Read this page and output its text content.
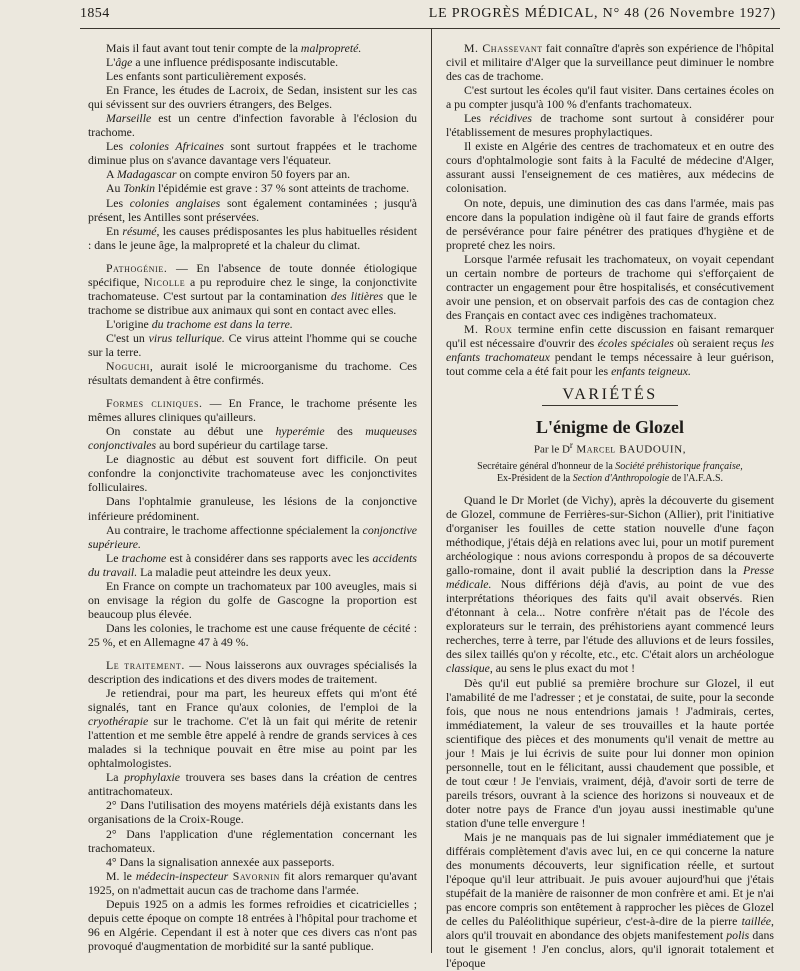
1854	LE PROGRÈS MÉDICAL, N° 48 (26 Novembre 1927)

Mais il faut avant tout tenir compte de la malpropreté.

L'âge a une influence prédisposante indiscutable.

Les enfants sont particulièrement exposés.

En France, les études de Lacroix, de Sedan, insistent sur les cas qui sévissent sur des ouvriers étrangers, des Belges.

Marseille est un centre d'infection favorable à l'éclosion du trachome.

Les colonies Africaines sont surtout frappées et le trachome diminue plus on s'avance davantage vers l'équateur.

A Madagascar on compte environ 50 foyers par an.

Au Tonkin l'épidémie est grave : 37 % sont atteints de trachome.

Les colonies anglaises sont également contaminées ; jusqu'à présent, les Antilles sont préservées.

En résumé, les causes prédisposantes les plus habituelles résident : dans le jeune âge, la malpropreté et la chaleur du climat.

Pathogénie. — En l'absence de toute donnée étiologique spécifique, Nicolle a pu reproduire chez le singe, la conjonctivite trachomateuse. C'est surtout par la contamination des litières que le trachome se distribue aux animaux qui sont en contact avec elles.

L'origine du trachome est dans la terre.

C'est un virus tellurique. Ce virus atteint l'homme qui se couche sur la terre.

Noguchi, aurait isolé le microorganisme du trachome. Ces résultats demandent à être confirmés.

Formes cliniques. — En France, le trachome présente les mêmes allures cliniques qu'ailleurs.

On constate au début une hyperémie des muqueuses conjonctivales au bord supérieur du cartilage tarse.

Le diagnostic au début est souvent fort difficile. On peut confondre la conjonctivite trachomateuse avec les conjonctivites folliculaires.

Dans l'ophtalmie granuleuse, les lésions de la conjonctive inférieure prédominent.

Au contraire, le trachome affectionne spécialement la conjonctive supérieure.

Le trachome est à considérer dans ses rapports avec les accidents du travail. La maladie peut atteindre les deux yeux.

En France on compte un trachomateux par 100 aveugles, mais si on envisage la région du golfe de Gascogne la proportion est beaucoup plus élevée.

Dans les colonies, le trachome est une cause fréquente de cécité : 25 %, et en Allemagne 47 à 49 %.

Le traitement. — Nous laisserons aux ouvrages spécialisés la description des indications et des divers modes de traitement.

Je retiendrai, pour ma part, les heureux effets qui m'ont été signalés, tant en France qu'aux colonies, de l'emploi de la cryothérapie sur le trachome. C'et là un fait qui mérite de retenir l'attention et me semble être appelé à rendre de grands services à ces malades si la technique pouvait en être mise au point par les ophtalmologistes.

La prophylaxie trouvera ses bases dans la création de centres antitrachomateux.

2° Dans l'utilisation des moyens matériels déjà existants dans les organisations de la Croix-Rouge.

2° Dans l'application d'une réglementation concernant les trachomateux.

4° Dans la signalisation annexée aux passeports.

M. le médecin-inspecteur Savornin fit alors remarquer qu'avant 1925, on n'admettait aucun cas de trachome dans l'armée.

Depuis 1925 on a admis les formes refroidies et cicatricielles ; depuis cette époque on compte 18 entrées à l'hôpital pour trachome et 96 en Algérie. Cependant il est à noter que ces divers cas n'ont pas provoqué d'augmentation de morbidité sur la santé publique.

M. Chassevant fait connaître d'après son expérience de l'hôpital civil et militaire d'Alger que la surveillance peut diminuer le nombre des cas de trachome.

C'est surtout les écoles qu'il faut visiter. Dans certaines écoles on a pu compter jusqu'à 100 % d'enfants trachomateux.

Les récidives de trachome sont surtout à considérer pour l'établissement de mesures prophylactiques.

Il existe en Algérie des centres de trachomateux et en outre des cours d'ophtalmologie sont faits à la Faculté de médecine d'Alger, assurant aussi l'enseignement de ces matières, aux médecins de colonisation.

On note, depuis, une diminution des cas dans l'armée, mais pas encore dans la population indigène où il faut faire de grands efforts de persévérance pour faire pénétrer des pratiques d'hygiène et de propreté chez les noirs.

Lorsque l'armée refusait les trachomateux, on voyait cependant un certain nombre de porteurs de trachome qui s'efforçaient de contracter un engagement pour être hospitalisés, et consécutivement avoir une pension, et on observait parfois des cas de contagion chez des Français en contact avec ces indigènes trachomateux.

M. Roux termine enfin cette discussion en faisant remarquer qu'il est nécessaire d'ouvrir des écoles spéciales où seraient reçus les enfants trachomateux pendant le temps nécessaire à leur guérison, tout comme cela a été fait pour les enfants teigneux.

VARIÉTÉS
L'énigme de Glozel
Par le $D^r$ Marcel BAUDOUIN,
Secrétaire général d'honneur de la Société préhistorique française,
Ex-Président de la Section d'Anthropologie de l'A.F.A.S.

Quand le Dr Morlet (de Vichy), après la découverte du gisement de Glozel, commune de Ferrières-sur-Sichon (Allier), prit l'initiative d'organiser les fouilles de cette station nouvelle d'une façon méthodique, j'étais déjà en relations avec lui, pour un motif purement archéologique : nous avions correspondu à propos de sa découverte gallo-romaine, dont il avait publié la description dans la Presse médicale. Nous différions déjà d'avis, au point de vue des interprétations théoriques des faits qu'il avait observés. Rien d'étonnant à cela... Notre confrère n'était pas de l'école des explorateurs sur le terrain, des préhistoriens ayant commencé leurs recherches, terre à terre, par l'étude des alluvions et de leurs fossiles, des silex taillés qu'on y récolte, etc., etc. C'était alors un archéologue classique, au sens le plus exact du mot !

Dès qu'il eut publié sa première brochure sur Glozel, il eut l'amabilité de me l'adresser ; et je constatai, de suite, pour la seconde fois, que nous ne nous entendrions jamais ! J'admirais, certes, immédiatement, la valeur de ses trouvailles et la haute portée scientifique des pièces et des monuments qu'il venait de mettre au jour ! Mais je lui écrivis de suite pour lui donner mon opinion personnelle, tout en le félicitant, aussi chaudement que possible, et de tout cœur ! Je l'enviais, vraiment, déjà, d'avoir sorti de terre de pareils trésors, ouvrant à la science des horizons si nouveaux et de doter notre pays de France d'un joyau aussi inestimable qu'une station d'une telle envergure !

Mais je ne manquais pas de lui signaler immédiatement que je différais complètement d'avis avec lui, en ce qui concerne la nature des monuments découverts, leur signification réelle, et surtout l'époque qu'il leur attribuait. Je puis avouer aujourd'hui que j'étais stupéfait de la manière de raisonner de mon confrère et ami. Et je n'ai pas encore compris son entêtement à rapprocher les pièces de Glozel de celles du Paléolithique supérieur, c'est-à-dire de la pierre taillée, alors qu'il trouvait en abondance des objets manifestement polis dans tout le gisement ! J'en conclus, alors, qu'il ignorait totalement et l'époque
